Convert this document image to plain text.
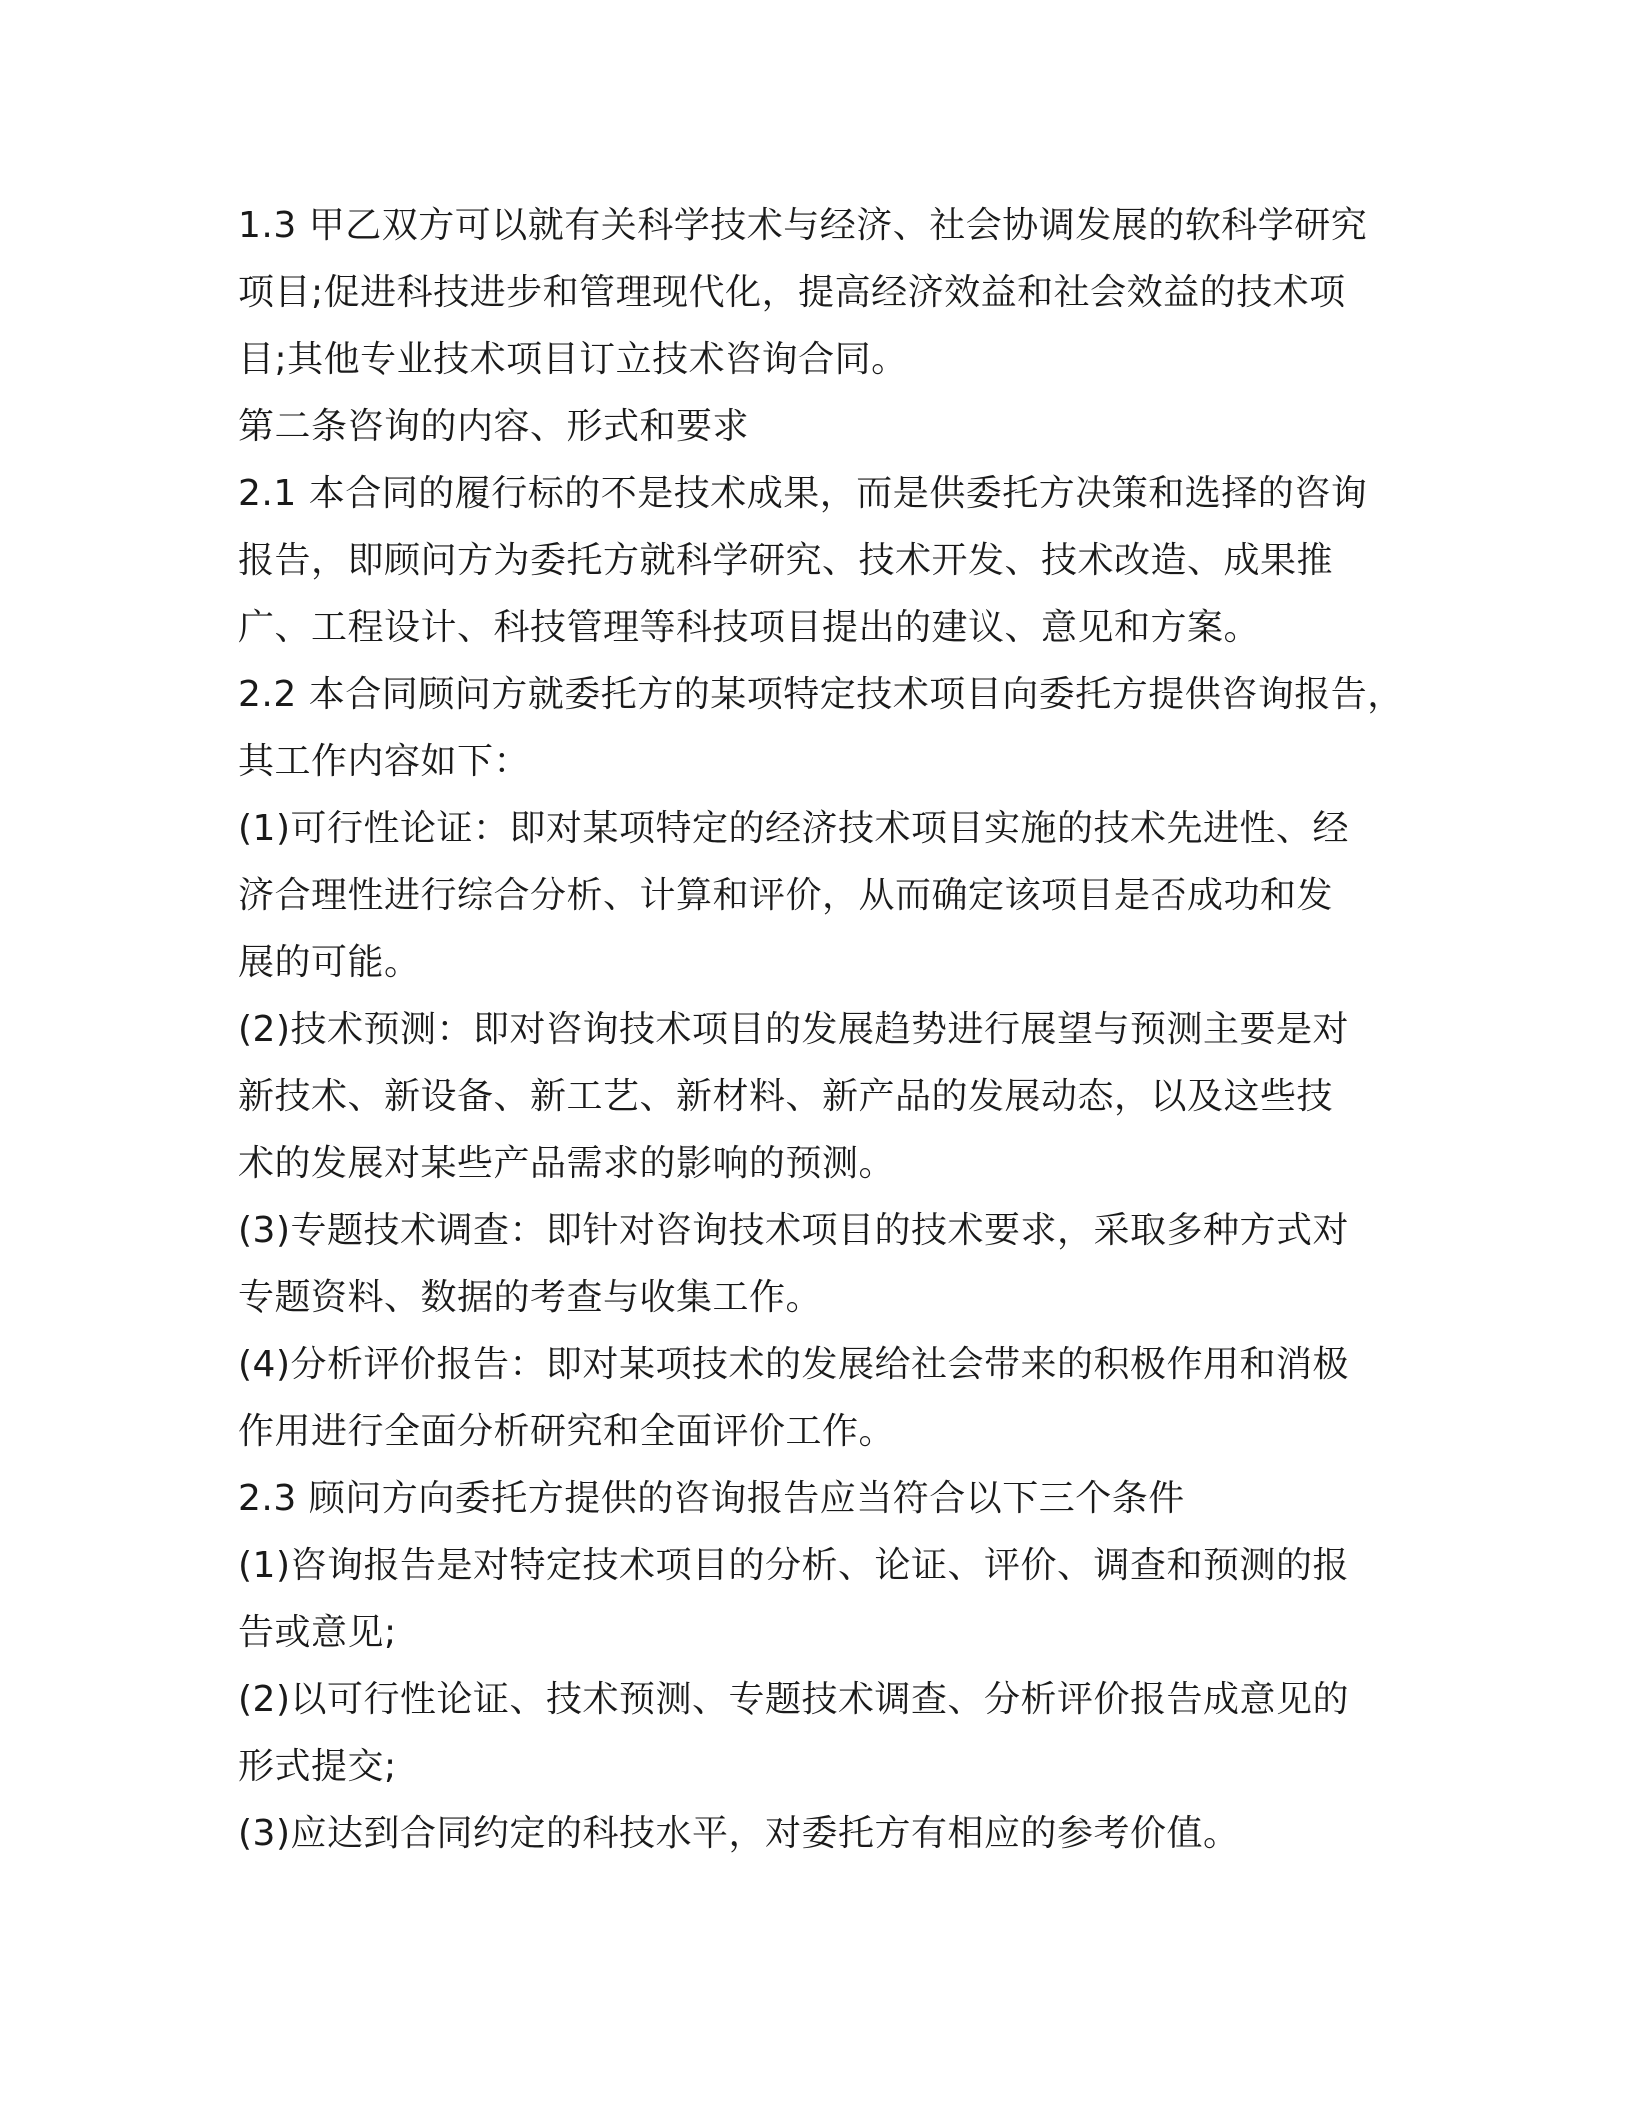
1.3 甲乙双方可以就有关科学技术与经济、社会协调发展的软科学研究
项目;促进科技进步和管理现代化，提高经济效益和社会效益的技术项
目;其他专业技术项目订立技术咨询合同。
第二条咨询的内容、形式和要求
2.1 本合同的履行标的不是技术成果，而是供委托方决策和选择的咨询
报告，即顾问方为委托方就科学研究、技术开发、技术改造、成果推
广、工程设计、科技管理等科技项目提出的建议、意见和方案。
2.2 本合同顾问方就委托方的某项特定技术项目向委托方提供咨询报告，
其工作内容如下：
(1)可行性论证：即对某项特定的经济技术项目实施的技术先进性、经
济合理性进行综合分析、计算和评价，从而确定该项目是否成功和发
展的可能。
(2)技术预测：即对咨询技术项目的发展趋势进行展望与预测主要是对
新技术、新设备、新工艺、新材料、新产品的发展动态，以及这些技
术的发展对某些产品需求的影响的预测。
(3)专题技术调查：即针对咨询技术项目的技术要求，采取多种方式对
专题资料、数据的考查与收集工作。
(4)分析评价报告：即对某项技术的发展给社会带来的积极作用和消极
作用进行全面分析研究和全面评价工作。
2.3 顾问方向委托方提供的咨询报告应当符合以下三个条件
(1)咨询报告是对特定技术项目的分析、论证、评价、调查和预测的报
告或意见;
(2)以可行性论证、技术预测、专题技术调查、分析评价报告成意见的
形式提交;
(3)应达到合同约定的科技水平，对委托方有相应的参考价值。
